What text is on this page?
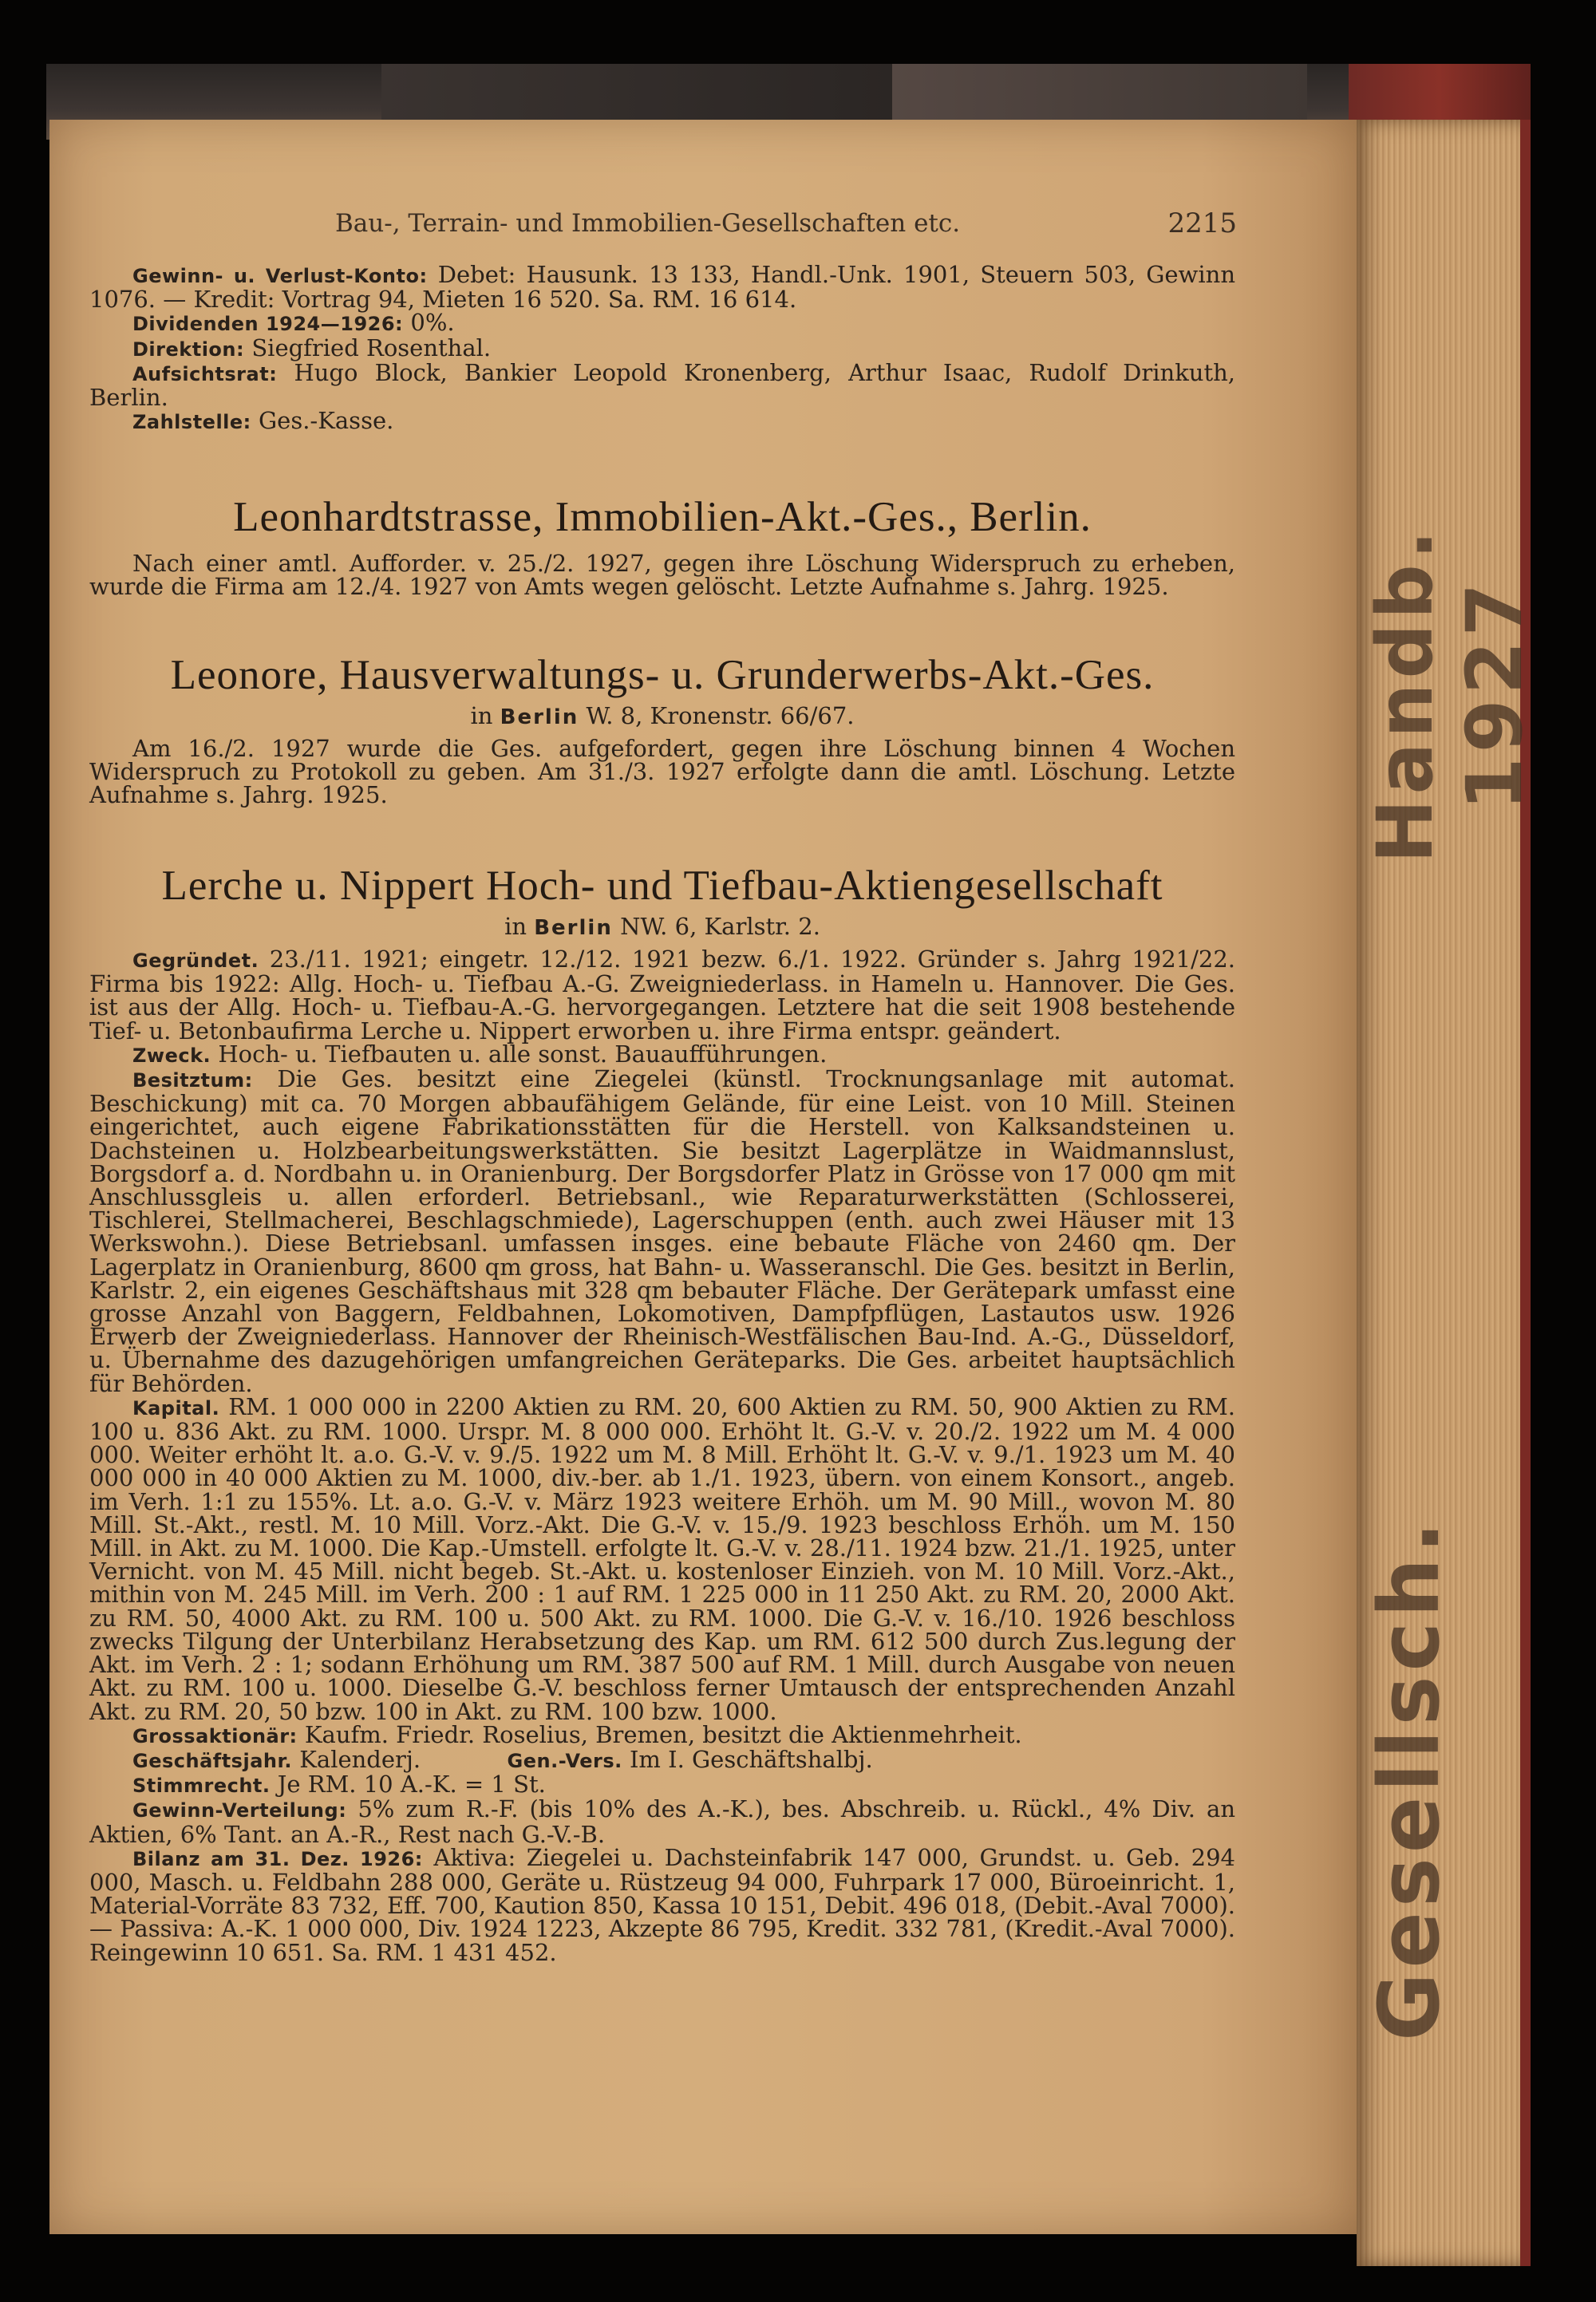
Handb. 1927
Gesellsch.
Bau-, Terrain- und Immobilien-Gesellschaften etc.	2215

Gewinn- u. Verlust-Konto: Debet: Hausunk. 13 133, Handl.-Unk. 1901, Steuern 503, Gewinn 1076. — Kredit: Vortrag 94, Mieten 16 520. Sa. RM. 16 614.

Dividenden 1924—1926: 0%.

Direktion: Siegfried Rosenthal.

Aufsichtsrat: Hugo Block, Bankier Leopold Kronenberg, Arthur Isaac, Rudolf Drinkuth, Berlin.

Zahlstelle: Ges.-Kasse.

Leonhardtstrasse, Immobilien-Akt.-Ges., Berlin.

Nach einer amtl. Aufforder. v. 25./2. 1927, gegen ihre Löschung Widerspruch zu erheben, wurde die Firma am 12./4. 1927 von Amts wegen gelöscht. Letzte Aufnahme s. Jahrg. 1925.

Leonore, Hausverwaltungs- u. Grunderwerbs-Akt.-Ges.

in Berlin W. 8, Kronenstr. 66/67.

Am 16./2. 1927 wurde die Ges. aufgefordert, gegen ihre Löschung binnen 4 Wochen Widerspruch zu Protokoll zu geben. Am 31./3. 1927 erfolgte dann die amtl. Löschung. Letzte Aufnahme s. Jahrg. 1925.

Lerche u. Nippert Hoch- und Tiefbau-Aktiengesellschaft

in Berlin NW. 6, Karlstr. 2.

Gegründet. 23./11. 1921; eingetr. 12./12. 1921 bezw. 6./1. 1922. Gründer s. Jahrg 1921/22. Firma bis 1922: Allg. Hoch- u. Tiefbau A.-G. Zweigniederlass. in Hameln u. Hannover. Die Ges. ist aus der Allg. Hoch- u. Tiefbau-A.-G. hervorgegangen. Letztere hat die seit 1908 bestehende Tief- u. Betonbaufirma Lerche u. Nippert erworben u. ihre Firma entspr. geändert.

Zweck. Hoch- u. Tiefbauten u. alle sonst. Bauaufführungen.

Besitztum: Die Ges. besitzt eine Ziegelei (künstl. Trocknungsanlage mit automat. Beschickung) mit ca. 70 Morgen abbaufähigem Gelände, für eine Leist. von 10 Mill. Steinen eingerichtet, auch eigene Fabrikationsstätten für die Herstell. von Kalksandsteinen u. Dachsteinen u. Holzbearbeitungswerkstätten. Sie besitzt Lagerplätze in Waidmannslust, Borgsdorf a. d. Nordbahn u. in Oranienburg. Der Borgsdorfer Platz in Grösse von 17 000 qm mit Anschlussgleis u. allen erforderl. Betriebsanl., wie Reparaturwerkstätten (Schlosserei, Tischlerei, Stellmacherei, Beschlagschmiede), Lagerschuppen (enth. auch zwei Häuser mit 13 Werkswohn.). Diese Betriebsanl. umfassen insges. eine bebaute Fläche von 2460 qm. Der Lagerplatz in Oranienburg, 8600 qm gross, hat Bahn- u. Wasseranschl. Die Ges. besitzt in Berlin, Karlstr. 2, ein eigenes Geschäftshaus mit 328 qm bebauter Fläche. Der Gerätepark umfasst eine grosse Anzahl von Baggern, Feldbahnen, Lokomotiven, Dampfpflügen, Lastautos usw. 1926 Erwerb der Zweigniederlass. Hannover der Rheinisch-Westfälischen Bau-Ind. A.-G., Düsseldorf, u. Übernahme des dazugehörigen umfangreichen Geräteparks. Die Ges. arbeitet hauptsächlich für Behörden.

Kapital. RM. 1 000 000 in 2200 Aktien zu RM. 20, 600 Aktien zu RM. 50, 900 Aktien zu RM. 100 u. 836 Akt. zu RM. 1000. Urspr. M. 8 000 000. Erhöht lt. G.-V. v. 20./2. 1922 um M. 4 000 000. Weiter erhöht lt. a.o. G.-V. v. 9./5. 1922 um M. 8 Mill. Erhöht lt. G.-V. v. 9./1. 1923 um M. 40 000 000 in 40 000 Aktien zu M. 1000, div.-ber. ab 1./1. 1923, übern. von einem Konsort., angeb. im Verh. 1:1 zu 155%. Lt. a.o. G.-V. v. März 1923 weitere Erhöh. um M. 90 Mill., wovon M. 80 Mill. St.-Akt., restl. M. 10 Mill. Vorz.-Akt. Die G.-V. v. 15./9. 1923 beschloss Erhöh. um M. 150 Mill. in Akt. zu M. 1000. Die Kap.-Umstell. erfolgte lt. G.-V. v. 28./11. 1924 bzw. 21./1. 1925, unter Vernicht. von M. 45 Mill. nicht begeb. St.-Akt. u. kostenloser Einzieh. von M. 10 Mill. Vorz.-Akt., mithin von M. 245 Mill. im Verh. 200 : 1 auf RM. 1 225 000 in 11 250 Akt. zu RM. 20, 2000 Akt. zu RM. 50, 4000 Akt. zu RM. 100 u. 500 Akt. zu RM. 1000. Die G.-V. v. 16./10. 1926 beschloss zwecks Tilgung der Unterbilanz Herabsetzung des Kap. um RM. 612 500 durch Zus.legung der Akt. im Verh. 2 : 1; sodann Erhöhung um RM. 387 500 auf RM. 1 Mill. durch Ausgabe von neuen Akt. zu RM. 100 u. 1000. Dieselbe G.-V. beschloss ferner Umtausch der entsprechenden Anzahl Akt. zu RM. 20, 50 bzw. 100 in Akt. zu RM. 100 bzw. 1000.

Grossaktionär: Kaufm. Friedr. Roselius, Bremen, besitzt die Aktienmehrheit.

Geschäftsjahr. Kalenderj.	Gen.-Vers. Im I. Geschäftshalbj.

Stimmrecht. Je RM. 10 A.-K. = 1 St.

Gewinn-Verteilung: 5% zum R.-F. (bis 10% des A.-K.), bes. Abschreib. u. Rückl., 4% Div. an Aktien, 6% Tant. an A.-R., Rest nach G.-V.-B.

Bilanz am 31. Dez. 1926: Aktiva: Ziegelei u. Dachsteinfabrik 147 000, Grundst. u. Geb. 294 000, Masch. u. Feldbahn 288 000, Geräte u. Rüstzeug 94 000, Fuhrpark 17 000, Büroeinricht. 1, Material-Vorräte 83 732, Eff. 700, Kaution 850, Kassa 10 151, Debit. 496 018, (Debit.-Aval 7000). — Passiva: A.-K. 1 000 000, Div. 1924 1223, Akzepte 86 795, Kredit. 332 781, (Kredit.-Aval 7000). Reingewinn 10 651. Sa. RM. 1 431 452.
